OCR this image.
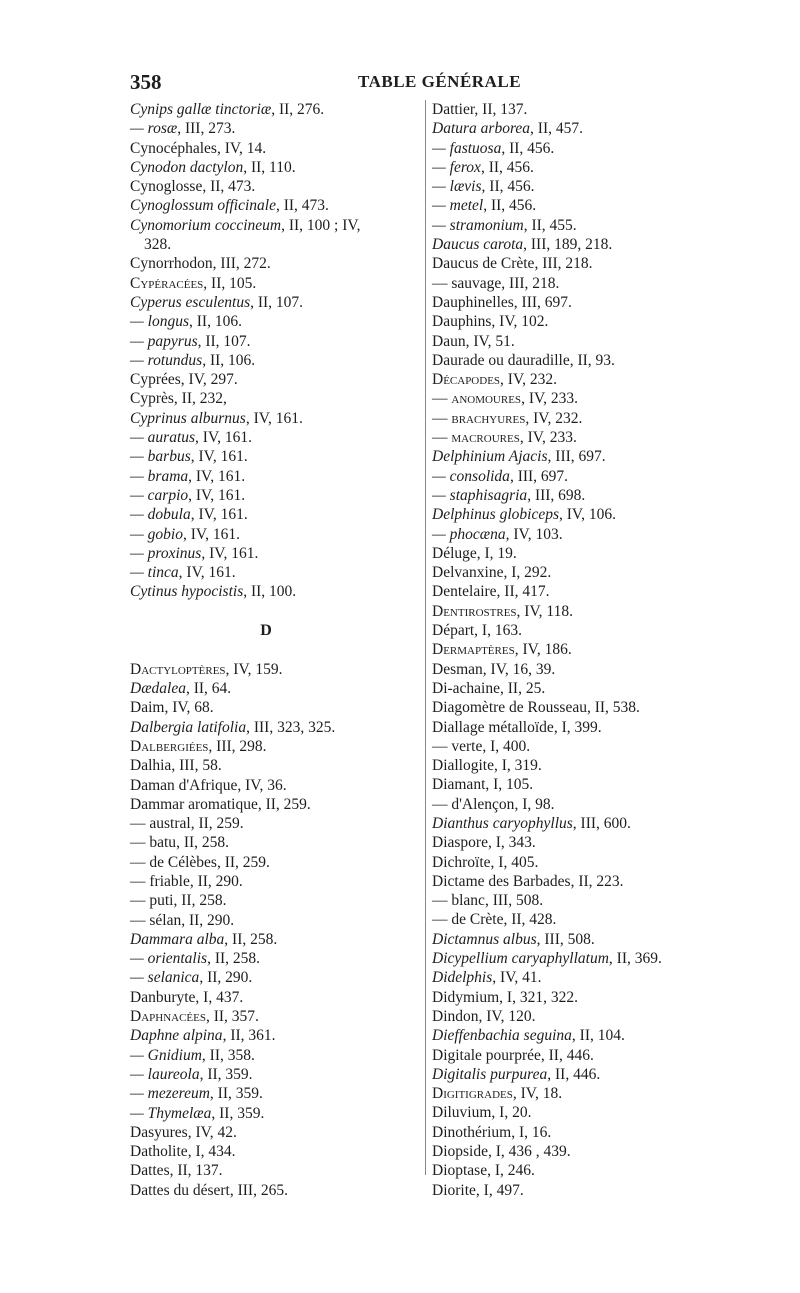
358	TABLE GÉNÉRALE
Cynips gallæ tinctoriæ, II, 276.
— rosæ, III, 273.
Cynocéphales, IV, 14.
Cynodon dactylon, II, 110.
Cynoglosse, II, 473.
Cynoglossum officinale, II, 473.
Cynomorium coccineum, II, 100 ; IV,
328.
Cynorrhodon, III, 272.
Cypéracées, II, 105.
Cyperus esculentus, II, 107.
— longus, II, 106.
— papyrus, II, 107.
— rotundus, II, 106.
Cyprées, IV, 297.
Cyprès, II, 232,
Cyprinus alburnus, IV, 161.
— auratus, IV, 161.
— barbus, IV, 161.
— brama, IV, 161.
— carpio, IV, 161.
— dobula, IV, 161.
— gobio, IV, 161.
— proxinus, IV, 161.
— tinca, IV, 161.
Cytinus hypocistis, II, 100.
D
Dactyloptères, IV, 159.
Dædalea, II, 64.
Daim, IV, 68.
Dalbergia latifolia, III, 323, 325.
Dalbergiées, III, 298.
Dalhia, III, 58.
Daman d'Afrique, IV, 36.
Dammar aromatique, II, 259.
— austral, II, 259.
— batu, II, 258.
— de Célèbes, II, 259.
— friable, II, 290.
— puti, II, 258.
— sélan, II, 290.
Dammara alba, II, 258.
— orientalis, II, 258.
— selanica, II, 290.
Danburyte, I, 437.
Daphnacées, II, 357.
Daphne alpina, II, 361.
— Gnidium, II, 358.
— laureola, II, 359.
— mezereum, II, 359.
— Thymelæa, II, 359.
Dasyures, IV, 42.
Datholite, I, 434.
Dattes, II, 137.
Dattes du désert, III, 265.
Dattier, II, 137.
Datura arborea, II, 457.
— fastuosa, II, 456.
— ferox, II, 456.
— lævis, II, 456.
— metel, II, 456.
— stramonium, II, 455.
Daucus carota, III, 189, 218.
Daucus de Crète, III, 218.
— sauvage, III, 218.
Dauphinelles, III, 697.
Dauphins, IV, 102.
Daun, IV, 51.
Daurade ou dauradille, II, 93.
Décapodes, IV, 232.
— anomoures, IV, 233.
— brachyures, IV, 232.
— macroures, IV, 233.
Delphinium Ajacis, III, 697.
— consolida, III, 697.
— staphisagria, III, 698.
Delphinus globiceps, IV, 106.
— phocæna, IV, 103.
Déluge, I, 19.
Delvanxine, I, 292.
Dentelaire, II, 417.
Dentirostres, IV, 118.
Départ, I, 163.
Dermaptères, IV, 186.
Desman, IV, 16, 39.
Di-achaine, II, 25.
Diagomètre de Rousseau, II, 538.
Diallage métalloïde, I, 399.
— verte, I, 400.
Diallogite, I, 319.
Diamant, I, 105.
— d'Alençon, I, 98.
Dianthus caryophyllus, III, 600.
Diaspore, I, 343.
Dichroïte, I, 405.
Dictame des Barbades, II, 223.
— blanc, III, 508.
— de Crète, II, 428.
Dictamnus albus, III, 508.
Dicypellium caryaphyllatum, II, 369.
Didelphis, IV, 41.
Didymium, I, 321, 322.
Dindon, IV, 120.
Dieffenbachia seguina, II, 104.
Digitale pourprée, II, 446.
Digitalis purpurea, II, 446.
Digitigrades, IV, 18.
Diluvium, I, 20.
Dinothérium, I, 16.
Diopside, I, 436 , 439.
Dioptase, I, 246.
Diorite, I, 497.
